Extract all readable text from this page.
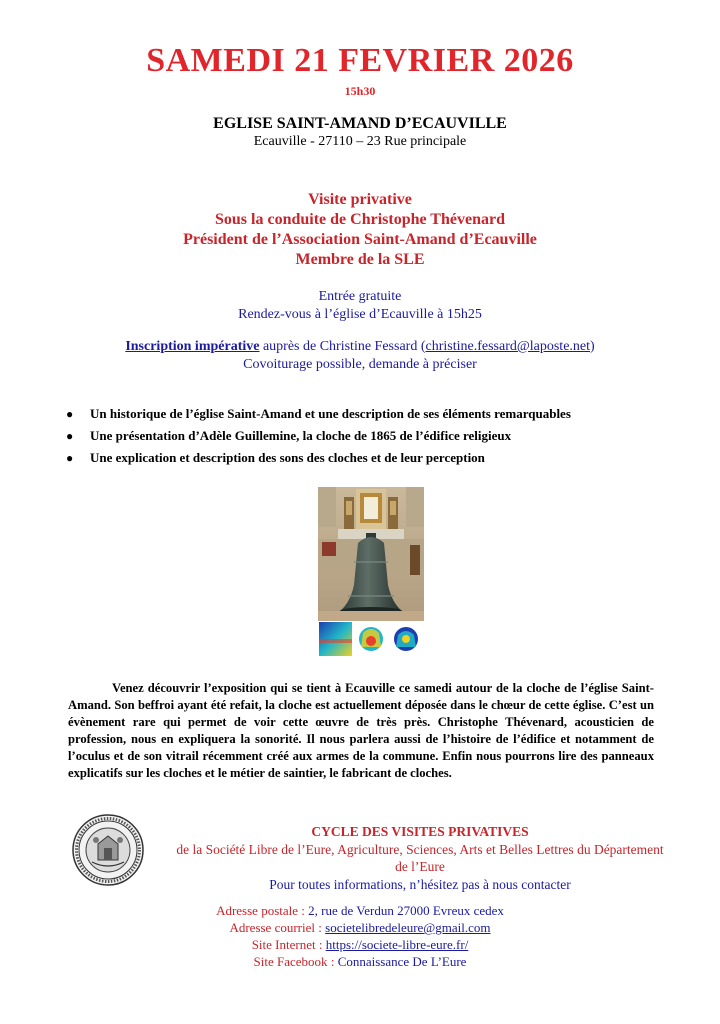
SAMEDI 21 FEVRIER 2026
15h30
EGLISE SAINT-AMAND D’ECAUVILLE
Ecauville - 27110 – 23 Rue principale
Visite privative
Sous la conduite de Christophe Thévenard
Président de l’Association Saint-Amand d’Ecauville
Membre de la SLE
Entrée gratuite
Rendez-vous à l’église d’Ecauville à 15h25
Inscription impérative auprès de Christine Fessard (christine.fessard@laposte.net)
Covoiturage possible, demande à préciser
● Un historique de l’église Saint-Amand et une description de ses éléments remarquables
● Une présentation d’Adèle Guillemine, la cloche de 1865 de l’édifice religieux
● Une explication et description des sons des cloches et de leur perception

Venez découvrir l’exposition qui se tient à Ecauville ce samedi autour de la cloche de l’église Saint-Amand. Son beffroi ayant été refait, la cloche est actuellement déposée dans le chœur de cette église. C’est un évènement rare qui permet de voir cette œuvre de très près. Christophe Thévenard, acousticien de profession, nous en expliquera la sonorité. Il nous parlera aussi de l’histoire de l’édifice et notamment de l’oculus et de son vitrail récemment créé aux armes de la commune. Enfin nous pourrons lire des panneaux explicatifs sur les cloches et le métier de saintier, le fabricant de cloches.

CYCLE DES VISITES PRIVATIVES
de la Société Libre de l’Eure, Agriculture, Sciences, Arts et Belles Lettres du Département de l’Eure
Pour toutes informations, n’hésitez pas à nous contacter
Adresse postale : 2, rue de Verdun 27000 Evreux cedex
Adresse courriel : societelibredeleure@gmail.com
Site Internet : https://societe-libre-eure.fr/
Site Facebook : Connaissance De L’Eure
